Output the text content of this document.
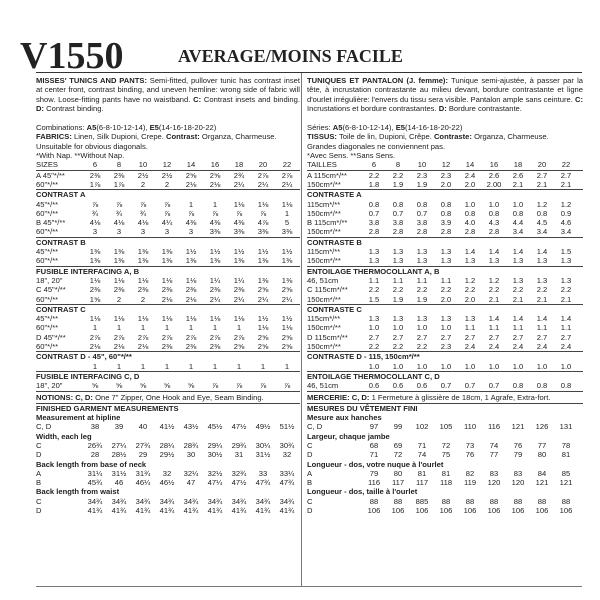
V1550	AVERAGE/MOINS FACILE

MISSES' TUNICS AND PANTS: Semi-fitted, pullover tunic has contrast inset at center front, contrast binding, and uneven hemline: wrong side of fabric will show. Loose-fitting pants have no waistband. C: Contrast insets and binding. D: Contrast binding.

Combinations: A5(6-8-10-12-14), E5(14-16-18-20-22)
FABRICS: Linen, Silk Dupioni, Crepe. Contrast: Organza, Charmeuse.
Unsuitable for obvious diagonals.
*With Nap. **Without Nap.
SIZES	6	8	10	12	14	16	18	20	22
A 45"*/**	2⅜	2⅜	2½	2½	2⅝	2⅝	2¾	2⅞	2⅞
60"*/**	1⅞	1⅞	2	2	2⅛	2⅛	2¼	2¼	2¼
CONTRAST A
45"*/**	⅞	⅞	⅞	⅞	1	1	1⅛	1⅛	1⅛
60"*/**	¾	¾	¾	⅞	⅞	⅞	⅞	⅞	1
B 45"*/**	4⅛	4⅛	4⅛	4¼	4⅜	4⅜	4⅜	4⅞	5
60"*/**	3	3	3	3	3	3⅜	3⅜	3⅜	3⅜
CONTRAST B
45"*/**	1⅜	1⅜	1⅜	1⅜	1½	1½	1½	1½	1½
60"*/**	1⅜	1⅜	1⅜	1⅜	1⅜	1⅜	1⅜	1⅜	1⅜
FUSIBLE INTERFACING A, B
18", 20"	1⅛	1⅛	1⅛	1⅛	1⅛	1¼	1¼	1⅜	1⅜
C 45"*/**	2⅜	2⅜	2⅜	2⅜	2⅜	2⅜	2⅜	2⅝	2⅝
60"*/**	1⅝	2	2	2⅛	2⅛	2¼	2¼	2¼	2¼
CONTRAST C
45"*/**	1⅛	1⅛	1⅛	1⅛	1⅛	1⅛	1⅛	1½	1½
60"*/**	1	1	1	1	1	1	1	1⅛	1⅛
D 45"*/**	2⅞	2⅞	2⅞	2⅞	2⅞	2⅞	2⅞	2⅝	2⅝
60"*/**	2⅛	2⅛	2⅛	2⅜	2⅜	2⅜	2⅝	2⅝	2⅝
CONTRAST D - 45", 60"*/**
1	1	1	1	1	1	1	1	1
FUSIBLE INTERFACING C, D
18", 20"	⅝	⅝	⅝	⅝	⅝	⅞	⅞	⅞	⅞
NOTIONS: C, D: One 7" Zipper, One Hook and Eye, Seam Binding.
FINISHED GARMENT MEASUREMENTS
Measurement at hipline
C, D	38	39	40	41½	43½	45½	47½	49½	51½
Width, each leg
C	26¾	27¼	27¾	28¼	28¾	29¼	29¾	30¼	30¾
D	28	28½	29	29½	30	30½	31	31½	32
Back length from base of neck
A	31¼	31½	31¾	32	32¼	32½	32¾	33	33¼
B	45¾	46	46¼	46½	47	47¼	47½	47¾	47¾
Back length from waist
C	34¾	34¾	34¾	34¾	34¾	34¾	34¾	34¾	34¾
D	41¾	41¾	41¾	41¾	41¾	41¾	41¾	41¾	41¾

TUNIQUES ET PANTALON (J. femme): Tunique semi-ajustée, à passer par la tête, à incrustation contrastante au milieu devant, bordure contrastante et ligne d'ourlet irrégulière: l'envers du tissu sera visible. Pantalon ample sans ceinture. C: Incrustations et bordure contrastantes. D: Bordure contrastante.

Séries: A5(6-8-10-12-14), E5(14-16-18-20-22)
TISSUS: Toile de lin, Dupioni, Crêpe. Contraste: Organza, Charmeuse.
Grandes diagonales ne conviennent pas.
*Avec Sens. **Sans Sens.
TAILLES	6	8	10	12	14	16	18	20	22
A 115cm*/**	2.2	2.2	2.3	2.3	2.4	2.6	2.6	2.7	2.7
150cm*/**	1.8	1.9	1.9	2.0	2.0	2.00	2.1	2.1	2.1
CONTRASTE A
115cm*/**	0.8	0.8	0.8	0.8	1.0	1.0	1.0	1.2	1.2
150cm*/**	0.7	0.7	0.7	0.8	0.8	0.8	0.8	0.8	0.9
B 115cm*/**	3.8	3.8	3.8	3.9	4.0	4.3	4.4	4.5	4.6
150cm*/**	2.8	2.8	2.8	2.8	2.8	2.8	3.4	3.4	3.4
CONTRASTE B
115cm*/**	1.3	1.3	1.3	1.3	1.4	1.4	1.4	1.4	1.5
150cm*/**	1.3	1.3	1.3	1.3	1.3	1.3	1.3	1.3	1.3
ENTOILAGE THERMOCOLLANT A, B
46, 51cm	1.1	1.1	1.1	1.1	1.2	1.2	1.3	1.3	1.3
C 115cm*/**	2.2	2.2	2.2	2.2	2.2	2.2	2.2	2.2	2.2
150cm*/**	1.5	1.9	1.9	2.0	2.0	2.1	2.1	2.1	2.1
CONTRASTE C
115cm*/**	1.3	1.3	1.3	1.3	1.3	1.4	1.4	1.4	1.4
150cm*/**	1.0	1.0	1.0	1.0	1.1	1.1	1.1	1.1	1.1
D 115cm*/**	2.7	2.7	2.7	2.7	2.7	2.7	2.7	2.7	2.7
150cm*/**	2.2	2.2	2.2	2.3	2.4	2.4	2.4	2.4	2.4
CONTRASTE D - 115, 150cm*/**
1.0	1.0	1.0	1.0	1.0	1.0	1.0	1.0	1.0
ENTOILAGE THERMOCOLLANT C, D
46, 51cm	0.6	0.6	0.6	0.7	0.7	0.7	0.8	0.8	0.8
MERCERIE: C, D: 1 Fermeture à glissière de 18cm, 1 Agrafe, Extra-fort.
MESURES DU VÊTEMENT FINI
Mesure aux hanches
C, D	97	99	102	105	110	116	121	126	131
Largeur, chaque jambe
C	68	69	71	72	73	74	76	77	78
D	71	72	74	75	76	77	79	80	81
Longueur - dos, votre nuque à l'ourlet
A	79	80	81	81	82	83	83	84	85
B	116	117	117	118	119	120	120	121	121
Longueur - dos, taille à l'ourlet
C	88	88	885	88	88	88	88	88	88
D	106	106	106	106	106	106	106	106	106
